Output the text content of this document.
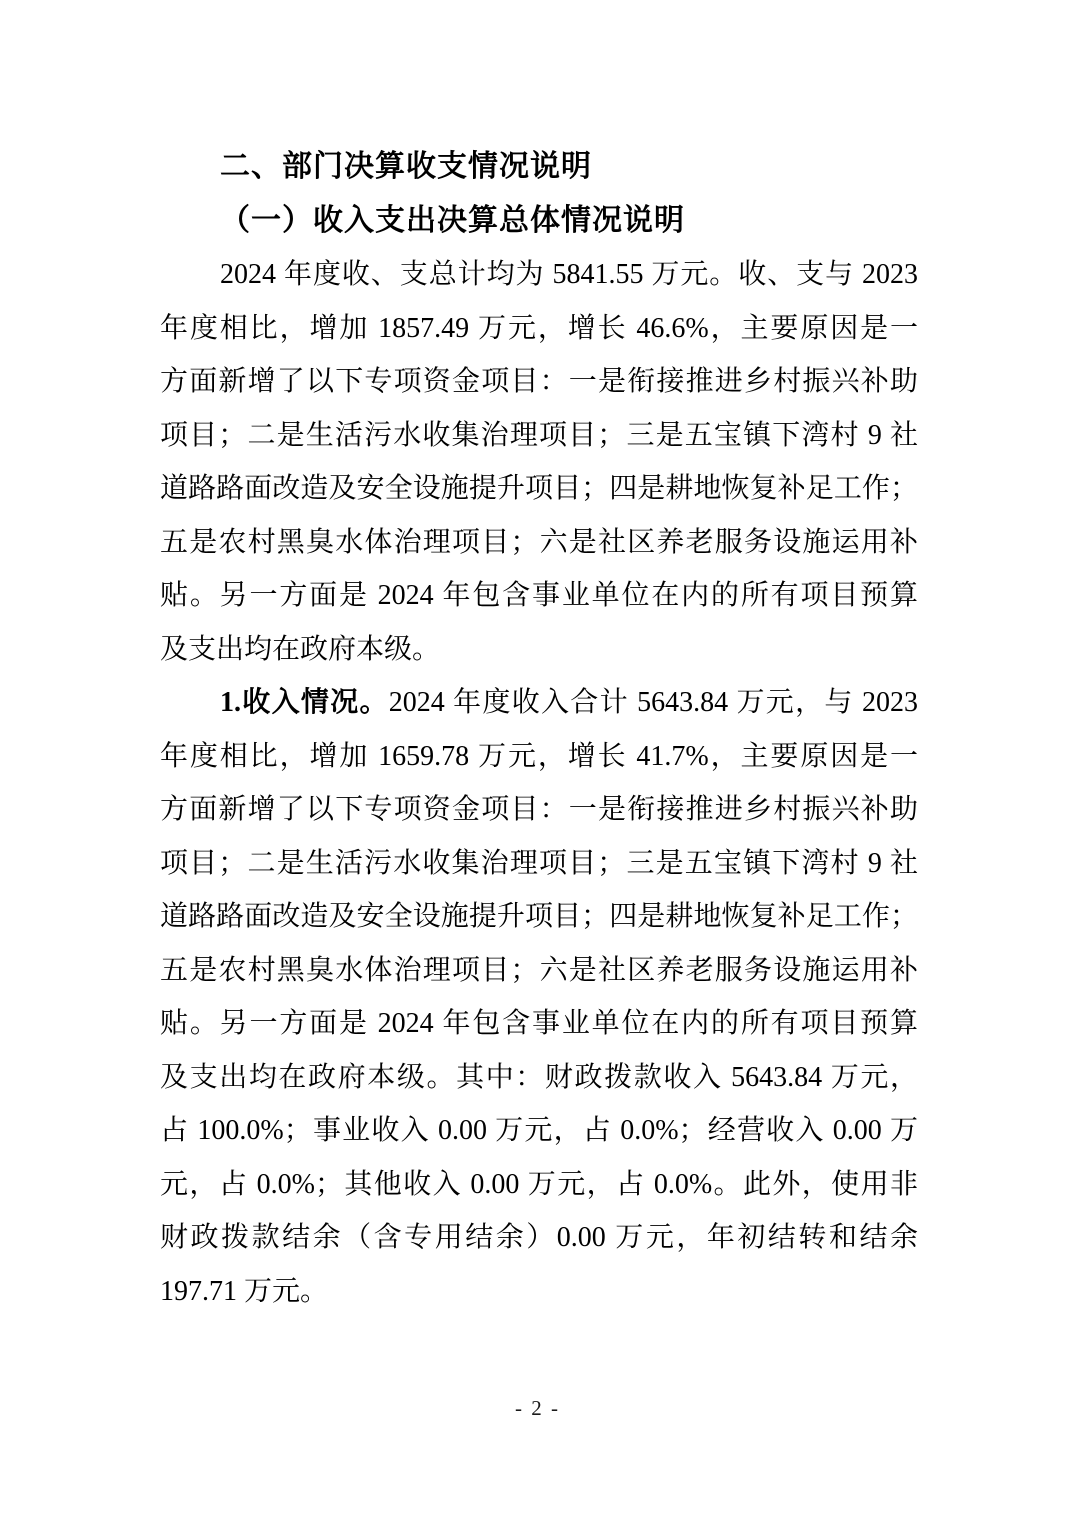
二、部门决算收支情况说明
（一）收入支出决算总体情况说明
2024 年度收、支总计均为 5841.55 万元。收、支与 2023
年度相比，增加 1857.49 万元，增长 46.6%，主要原因是一
方面新增了以下专项资金项目：一是衔接推进乡村振兴补助
项目；二是生活污水收集治理项目；三是五宝镇下湾村 9 社
道路路面改造及安全设施提升项目；四是耕地恢复补足工作；
五是农村黑臭水体治理项目；六是社区养老服务设施运用补
贴。另一方面是 2024 年包含事业单位在内的所有项目预算
及支出均在政府本级。
1.收入情况。2024 年度收入合计 5643.84 万元，与 2023
年度相比，增加 1659.78 万元，增长 41.7%，主要原因是一
方面新增了以下专项资金项目：一是衔接推进乡村振兴补助
项目；二是生活污水收集治理项目；三是五宝镇下湾村 9 社
道路路面改造及安全设施提升项目；四是耕地恢复补足工作；
五是农村黑臭水体治理项目；六是社区养老服务设施运用补
贴。另一方面是 2024 年包含事业单位在内的所有项目预算
及支出均在政府本级。其中：财政拨款收入 5643.84 万元，
占 100.0%；事业收入 0.00 万元，占 0.0%；经营收入 0.00 万
元，占 0.0%；其他收入 0.00 万元，占 0.0%。此外，使用非
财政拨款结余（含专用结余）0.00 万元，年初结转和结余
197.71 万元。
- 2 -
